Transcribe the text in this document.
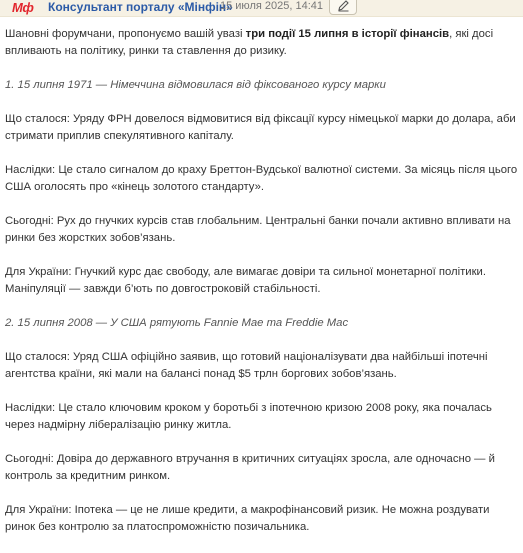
Мф Консультант порталу «Мінфін»
15 июля 2025, 14:41

Шановні форумчани, пропонуємо вашій увазі три події 15 липня в історії фінансів, які досі впливають на політику, ринки та ставлення до ризику.

1. 15 липня 1971 — Німеччина відмовилася від фіксованого курсу марки

Що сталося: Уряду ФРН довелося відмовитися від фіксації курсу німецької марки до долара, аби стримати приплив спекулятивного капіталу.

Наслідки: Це стало сигналом до краху Бреттон-Вудської валютної системи. За місяць після цього США оголосять про «кінець золотого стандарту».

Сьогодні: Рух до гнучких курсів став глобальним. Центральні банки почали активно впливати на ринки без жорстких зобов’язань.

Для України: Гнучкий курс дає свободу, але вимагає довіри та сильної монетарної політики. Маніпуляції — завжди б’ють по довгостроковій стабільності.

2. 15 липня 2008 — У США рятують Fannie Mae та Freddie Mac

Що сталося: Уряд США офіційно заявив, що готовий націоналізувати два найбільші іпотечні агентства країни, які мали на балансі понад $5 трлн боргових зобов’язань.

Наслідки: Це стало ключовим кроком у боротьбі з іпотечною кризою 2008 року, яка почалась через надмірну лібералізацію ринку житла.

Сьогодні: Довіра до державного втручання в критичних ситуаціях зросла, але одночасно — й контроль за кредитним ринком.

Для України: Іпотека — це не лише кредити, а макрофінансовий ризик. Не можна роздувати ринок без контролю за платоспроможністю позичальника.
